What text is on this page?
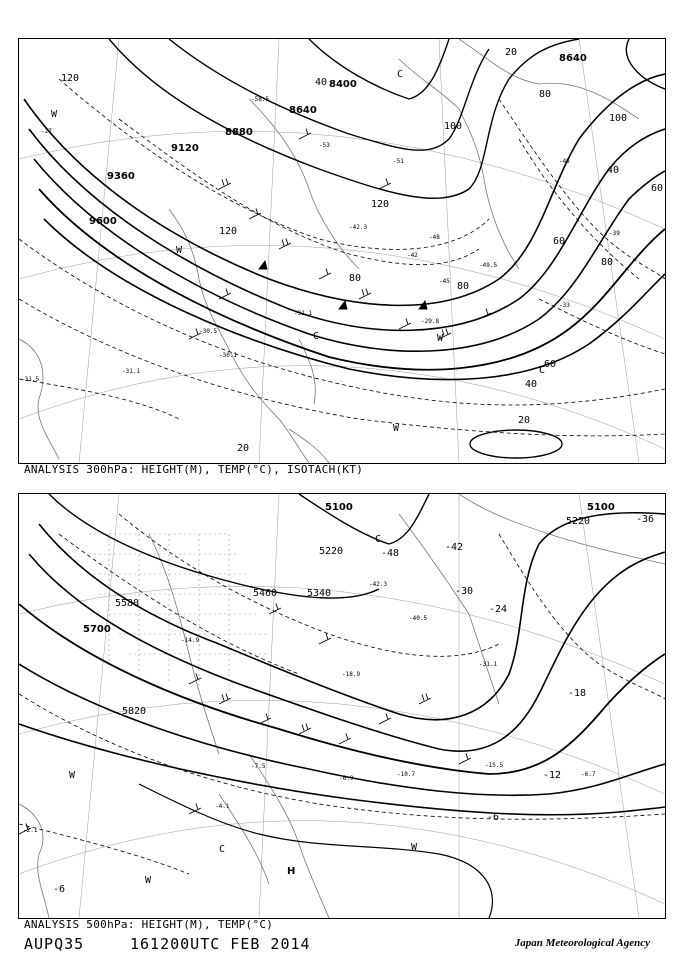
8400
8640
8640
8880
9120
9360
9600
120
120
120
100
100
80
80
80
80
60
60
60
40
40
40
20
20
20
-27
-30.1
-31.1
-33
-39
-42
-45
-45
-48
-51
-53
-58.5
-49.5
-42.3
-31.1
-29.8
-30.5
-31.5
W
W
W
W
C
C
C
ANALYSIS 300hPa: HEIGHT(M), TEMP(°C), ISOTACH(KT)
5100	5100
5220
5220
5340
5460
5580
5700
5820
-48
-42
-36
-30
-24
-18
-12
-6
-6
-31.1
-40.5
-42.3
-18.9
-14.9
-10.7
-7.5
-6.9
-4.1
-2.1
-15.5
-6.7
C
C
W
W
W
H
ANALYSIS 500hPa: HEIGHT(M), TEMP(°C)
AUPQ35	161200UTC FEB 2014	Japan Meteorological Agency
